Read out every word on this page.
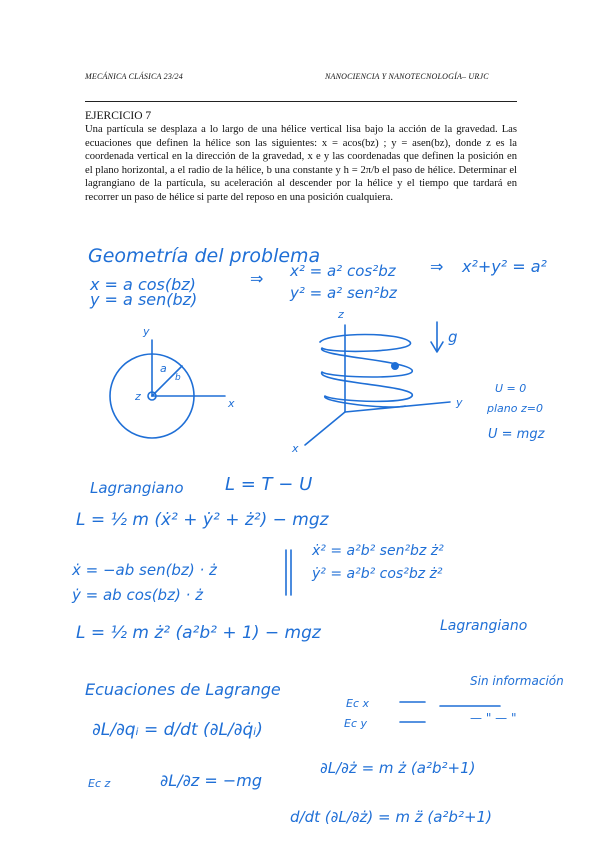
MECÁNICA CLÁSICA 23/24	NANOCIENCIA Y NANOTECNOLOGÍA– URJC
EJERCICIO 7
Una partícula se desplaza a lo largo de una hélice vertical lisa bajo la acción de la gravedad. Las ecuaciones que definen la hélice son las siguientes: x = acos(bz) ; y = asen(bz), donde z es la coordenada vertical en la dirección de la gravedad, x e y las coordenadas que definen la posición en el plano horizontal, a el radio de la hélice, b una constante y h = 2π/b el paso de hélice. Determinar el lagrangiano de la partícula, su aceleración al descender por la hélice y el tiempo que tardará en recorrer un paso de hélice si parte del reposo en una posición cualquiera.
Geometría del problema
x = a cos(bz)
y = a sen(bz)
⇒ x² = a² cos²bz
y² = a² sen²bz
⇒ x²+y² = a²
y
x
z
a
b
z
y
x
g
U = 0
plano z=0
U = mgz
Lagrangiano L = T − U
L = ½ m (ẋ² + ẏ² + ż²) − mgz
ẋ = −ab sen(bz) · ż
ẏ = ab cos(bz) · ż
ẋ² = a²b² sen²bz ż²
ẏ² = a²b² cos²bz ż²
L = ½ m ż² (a²b² + 1) − mgz	Lagrangiano
Ecuaciones de Lagrange
∂L/∂qᵢ = d/dt (∂L/∂q̇ᵢ)
Ec x
Ec y
Sin información
— " — "
Ec z	∂L/∂z = −mg
∂L/∂ż = m ż (a²b²+1)
d/dt (∂L/∂ż) = m z̈ (a²b²+1)
